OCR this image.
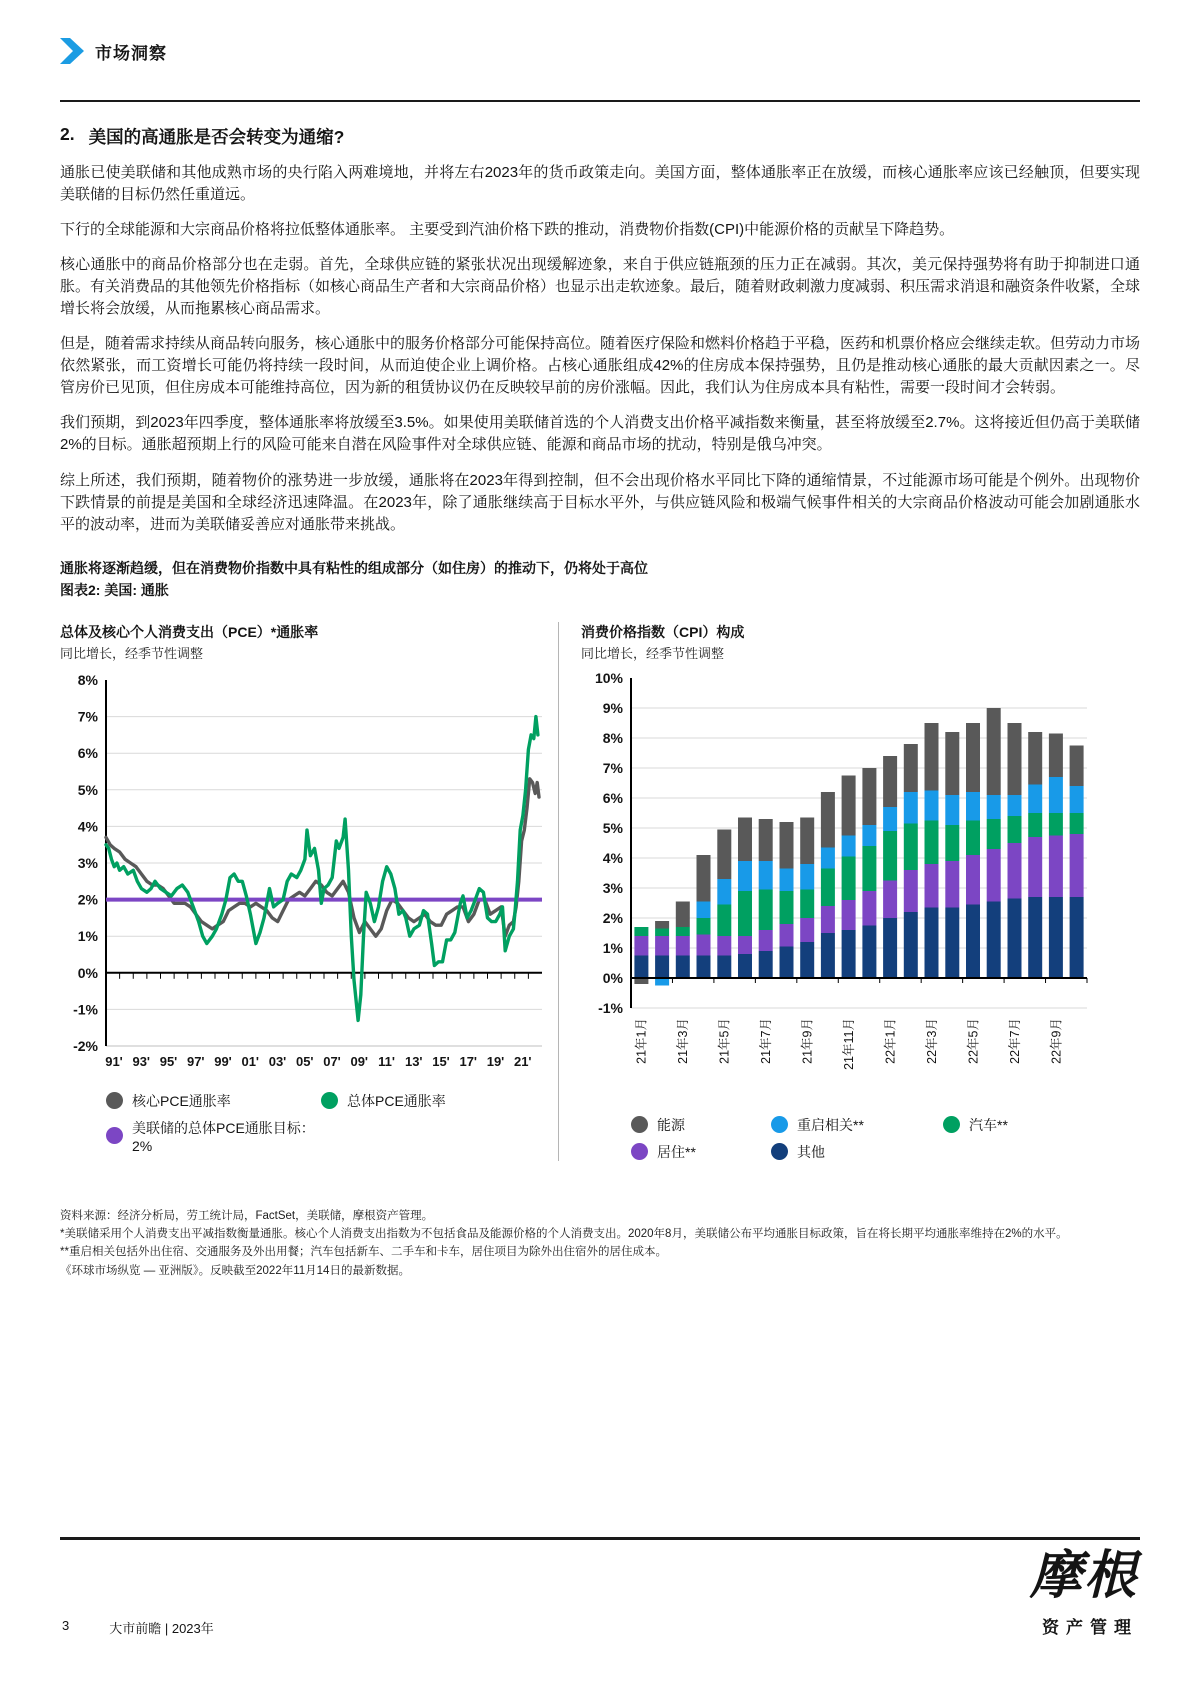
市场洞察
2. 美国的高通胀是否会转变为通缩?

通胀已使美联储和其他成熟市场的央行陷入两难境地，并将左右2023年的货币政策走向。美国方面，整体通胀率正在放缓，而核心通胀率应该已经触顶，但要实现美联储的目标仍然任重道远。

下行的全球能源和大宗商品价格将拉低整体通胀率。 主要受到汽油价格下跌的推动，消费物价指数(CPI)中能源价格的贡献呈下降趋势。

核心通胀中的商品价格部分也在走弱。首先，全球供应链的紧张状况出现缓解迹象，来自于供应链瓶颈的压力正在减弱。其次，美元保持强势将有助于抑制进口通胀。有关消费品的其他领先价格指标（如核心商品生产者和大宗商品价格）也显示出走软迹象。最后，随着财政刺激力度减弱、积压需求消退和融资条件收紧，全球增长将会放缓，从而拖累核心商品需求。

但是，随着需求持续从商品转向服务，核心通胀中的服务价格部分可能保持高位。随着医疗保险和燃料价格趋于平稳，医药和机票价格应会继续走软。但劳动力市场依然紧张，而工资增长可能仍将持续一段时间，从而迫使企业上调价格。占核心通胀组成42%的住房成本保持强势，且仍是推动核心通胀的最大贡献因素之一。尽管房价已见顶，但住房成本可能维持高位，因为新的租赁协议仍在反映较早前的房价涨幅。因此，我们认为住房成本具有粘性，需要一段时间才会转弱。

我们预期，到2023年四季度，整体通胀率将放缓至3.5%。如果使用美联储首选的个人消费支出价格平减指数来衡量，甚至将放缓至2.7%。这将接近但仍高于美联储2%的目标。通胀超预期上行的风险可能来自潜在风险事件对全球供应链、能源和商品市场的扰动，特别是俄乌冲突。

综上所述，我们预期，随着物价的涨势进一步放缓，通胀将在2023年得到控制，但不会出现价格水平同比下降的通缩情景，不过能源市场可能是个例外。出现物价下跌情景的前提是美国和全球经济迅速降温。在2023年，除了通胀继续高于目标水平外，与供应链风险和极端气候事件相关的大宗商品价格波动可能会加剧通胀水平的波动率，进而为美联储妥善应对通胀带来挑战。

通胀将逐渐趋缓，但在消费物价指数中具有粘性的组成部分（如住房）的推动下，仍将处于高位
图表2: 美国: 通胀
总体及核心个人消费支出（PCE）*通胀率
同比增长，经季节性调整
8%
7%
6%
5%
4%
3%
2%
1%
0%
-1%
-2%
91' 93' 95' 97' 99' 01' 03' 05' 07' 09' 11' 13' 15' 17' 19' 21'
核心PCE通胀率	总体PCE通胀率
美联储的总体PCE通胀目标：2%
消费价格指数（CPI）构成
同比增长，经季节性调整
10%
9%
8%
7%
6%
5%
4%
3%
2%
1%
0%
-1%
21年1月 21年3月 21年5月 21年7月 21年9月 21年11月 22年1月 22年3月 22年5月 22年7月 22年9月
能源	重启相关**	汽车**
居住**	其他

资料来源：经济分析局，劳工统计局，FactSet，美联储，摩根资产管理。

*美联储采用个人消费支出平减指数衡量通胀。核心个人消费支出指数为不包括食品及能源价格的个人消费支出。2020年8月，美联储公布平均通胀目标政策，旨在将长期平均通胀率维持在2%的水平。

**重启相关包括外出住宿、交通服务及外出用餐；汽车包括新车、二手车和卡车，居住项目为除外出住宿外的居住成本。

《环球市场纵览 — 亚洲版》。反映截至2022年11月14日的最新数据。

3	大市前瞻 | 2023年
摩根
资产管理
